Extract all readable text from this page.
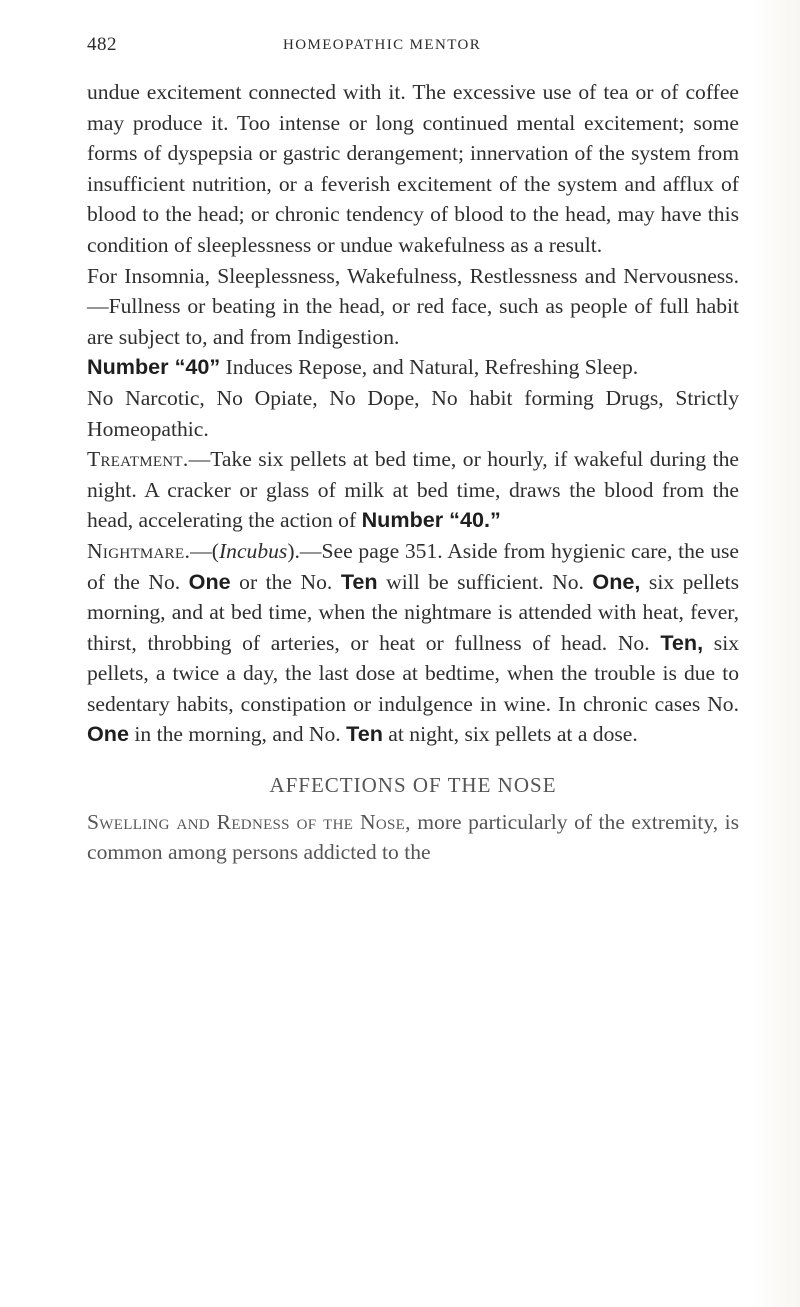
482	HOMEOPATHIC MENTOR

undue excitement connected with it. The excessive use of tea or of coffee may produce it. Too intense or long continued mental excitement; some forms of dyspepsia or gastric derangement; innervation of the system from insufficient nutrition, or a feverish excitement of the system and afflux of blood to the head; or chronic tendency of blood to the head, may have this condition of sleeplessness or undue wakefulness as a result.

For Insomnia, Sleeplessness, Wakefulness, Restlessness and Nervousness.—Fullness or beating in the head, or red face, such as people of full habit are subject to, and from Indigestion.

Number “40” Induces Repose, and Natural, Refreshing Sleep.

No Narcotic, No Opiate, No Dope, No habit forming Drugs, Strictly Homeopathic.

Treatment.—Take six pellets at bed time, or hourly, if wakeful during the night. A cracker or glass of milk at bed time, draws the blood from the head, accelerating the action of Number “40.”

Nightmare.—(Incubus).—See page 351. Aside from hygienic care, the use of the No. One or the No. Ten will be sufficient. No. One, six pellets morning, and at bed time, when the nightmare is attended with heat, fever, thirst, throbbing of arteries, or heat or fullness of head. No. Ten, six pellets, a twice a day, the last dose at bedtime, when the trouble is due to sedentary habits, constipation or indulgence in wine. In chronic cases No. One in the morning, and No. Ten at night, six pellets at a dose.

AFFECTIONS OF THE NOSE

Swelling and Redness of the Nose, more particularly of the extremity, is common among persons addicted to the
